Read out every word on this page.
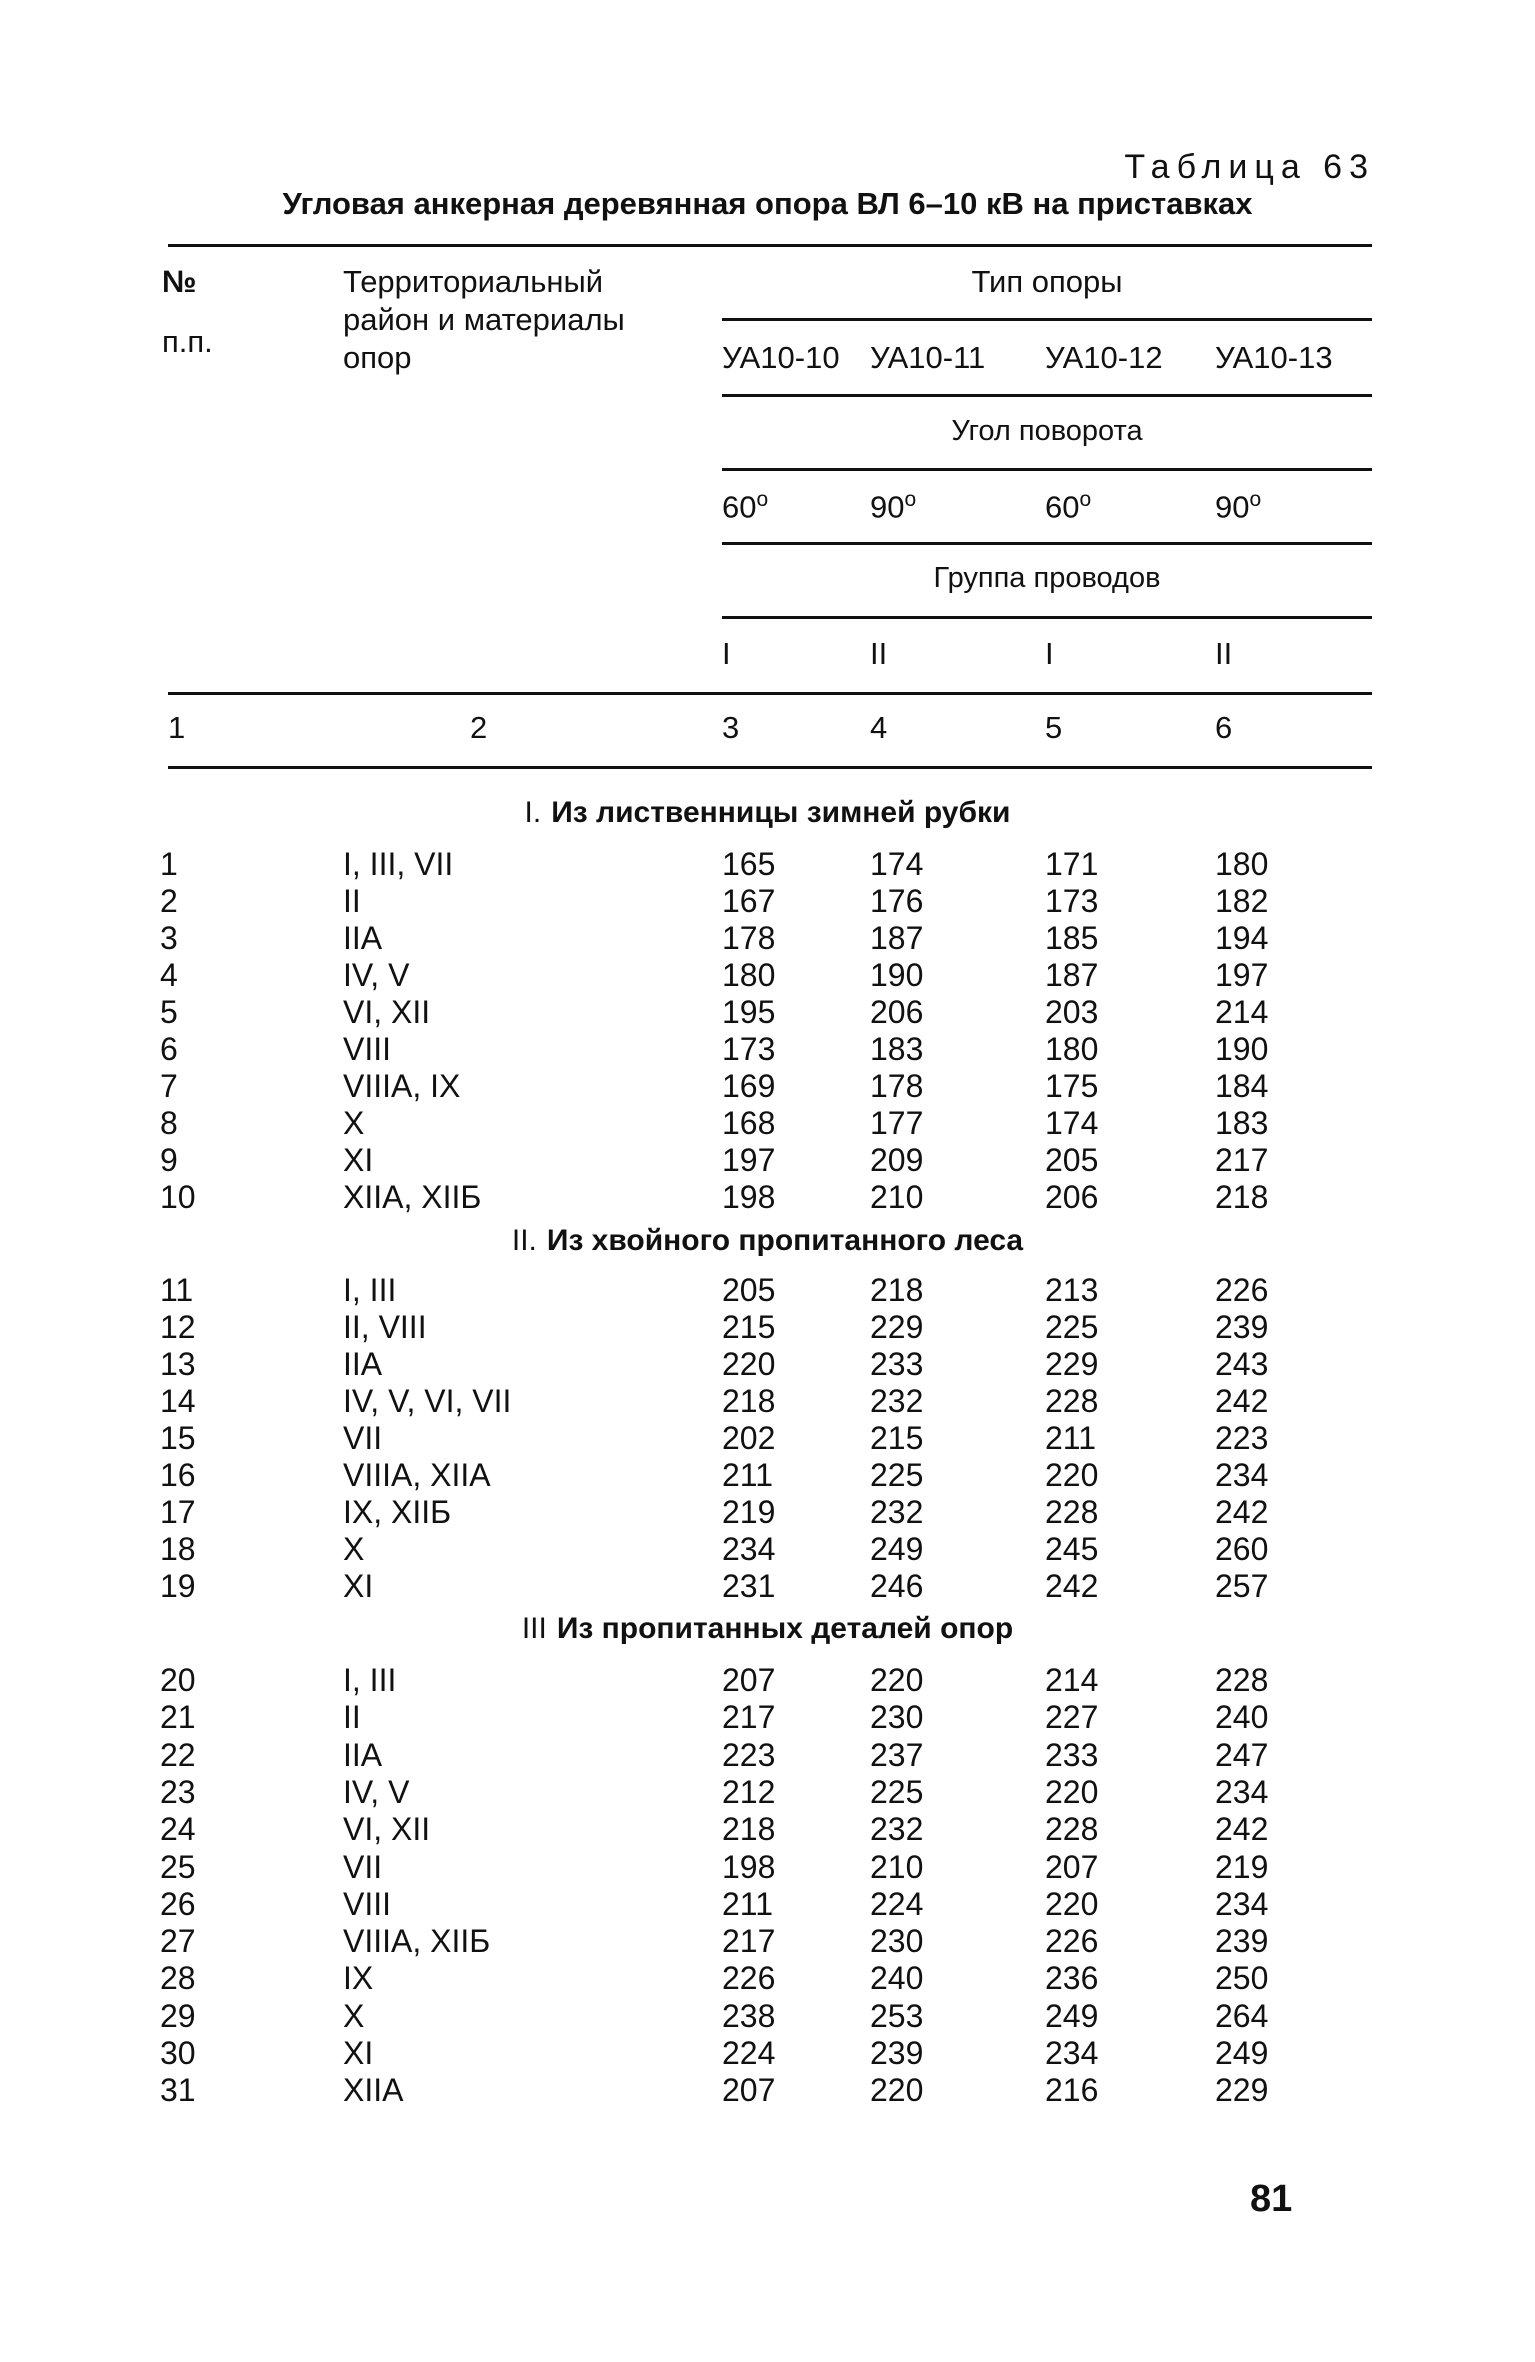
Таблица 63
Угловая анкерная деревянная опора ВЛ 6–10 кВ на приставках
№
п.п.
Территориальный
район и материалы
опор
Тип опоры
УА10-10 УА10-11 УА10-12 УА10-13
Угол поворота
60$^o$	90$^o$	60$^o$	90$^o$
Группа проводов
I	II	I	II
1	2	3	4	5	6
I. Из лиственницы зимней рубки
1	I, III, VII	165	174	171	180
2	II	167	176	173	182
3	IIA	178	187	185	194
4	IV, V	180	190	187	197
5	VI, XII	195	206	203	214
6	VIII	173	183	180	190
7	VIIIA, IX	169	178	175	184
8	X	168	177	174	183
9	XI	197	209	205	217
10	XIIA, XIIБ	198	210	206	218
II. Из хвойного пропитанного леса
11	I, III	205	218	213	226
12	II, VIII	215	229	225	239
13	IIA	220	233	229	243
14	IV, V, VI, VII	218	232	228	242
15	VII	202	215	211	223
16	VIIIA, XIIA	211	225	220	234
17	IX, XIIБ	219	232	228	242
18	X	234	249	245	260
19	XI	231	246	242	257
III Из пропитанных деталей опор
20	I, III	207	220	214	228
21	II	217	230	227	240
22	IIA	223	237	233	247
23	IV, V	212	225	220	234
24	VI, XII	218	232	228	242
25	VII	198	210	207	219
26	VIII	211	224	220	234
27	VIIIA, XIIБ	217	230	226	239
28	IX	226	240	236	250
29	X	238	253	249	264
30	XI	224	239	234	249
31	XIIA	207	220	216	229
81
